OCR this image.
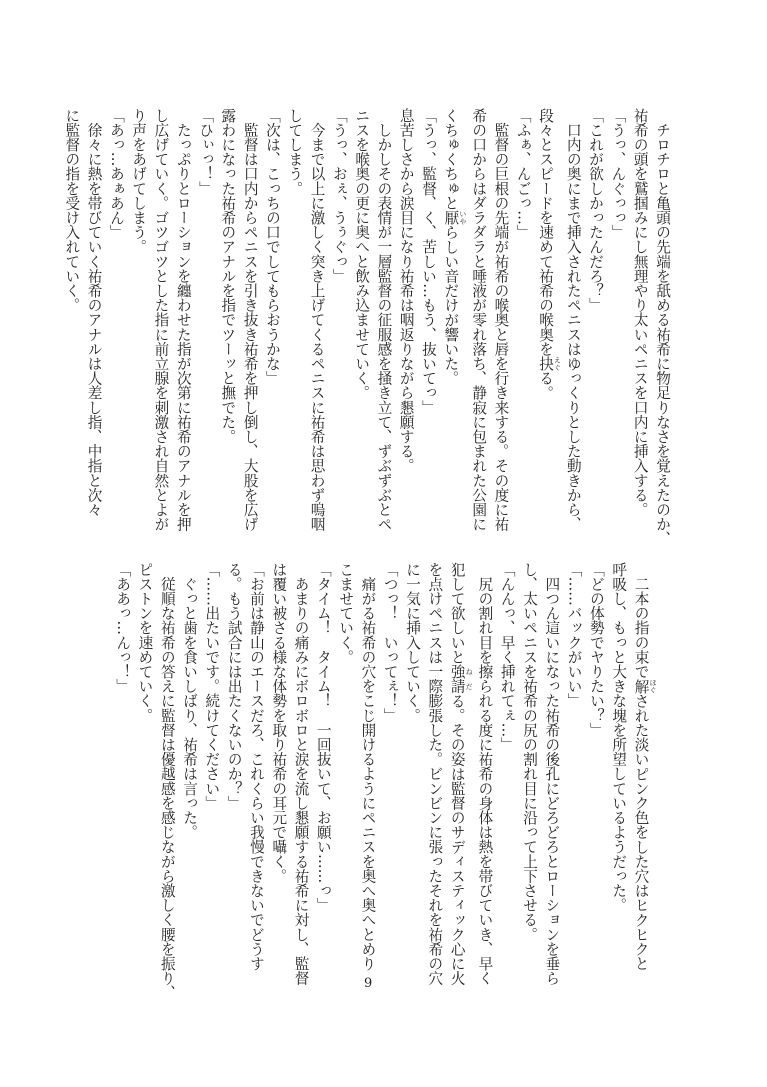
　チロチロと亀頭の先端を舐める祐希に物足りなさを覚えたのか、
祐希の頭を鷲掴みにし無理やり太いペニスを口内に挿入する。
「うっ、んぐっっ」
「これが欲しかったんだろ？」
　口内の奥にまで挿入されたペニスはゆっくりとした動きから、
段々とスピードを速めて祐希の喉奥を抉 えぐる。
「ふぁ、んごっ…」
　監督の巨根の先端が祐希の喉奥と唇を行き来する。その度に祐
希の口からはダラダラと唾液が零れ落ち、静寂に包まれた公園に
くちゅくちゅと厭 いやらしい音だけが響いた。
「うっ、監督、く、苦しい…もう、抜いてっ」
息苦しさから涙目になり祐希は咽返りながら懇願する。
　しかしその表情が一層監督の征服感を掻き立て、ずぶずぶとペ
ニスを喉奥の更に奥へと飲み込ませていく。
「うっ、おぇ、うぅぐっ」
　今まで以上に激しく突き上げてくるペニスに祐希は思わず嗚咽
してしまう。
「次は、こっちの口でしてもらおうかな」
　監督は口内からペニスを引き抜き祐希を押し倒し、大股を広げ
露わになった祐希のアナルを指でツーッと撫でた。
「ひぃっ！」
　たっぷりとローションを纏わせた指が次第に祐希のアナルを押
し広げていく。ゴツゴツとした指に前立腺を刺激され自然とよが
り声をあげてしまう。
「あっ…あぁあん」
　徐々に熱を帯びていく祐希のアナルは人差し指、中指と次々
に監督の指を受け入れていく。
　二本の指の束で解 ほぐされた淡いピンク色をした穴はヒクヒクと
呼吸し、もっと大きな塊を所望しているようだった。
「どの体勢でヤりたい？」
「……バックがいい」
　四つん這いになった祐希の後孔にどろどろとローションを垂ら
し、太いペニスを祐希の尻の割れ目に沿って上下させる。
「んんっ、早く挿れてぇ…」
　尻の割れ目を擦られる度に祐希の身体は熱を帯びていき、早く
犯して欲しいと強請 ねだる。その姿は監督のサディスティック心に火
を点けペニスは一際膨張した。ビンビンに張ったそれを祐希の穴
に一気に挿入していく。
「つっ！　いってぇ！」
　痛がる祐希の穴をこじ開けるようにペニスを奥へ奥へとめり
こませていく。
「タイム！　タイム！　一回抜いて、お願い……っ」
　あまりの痛みにボロボロと涙を流し懇願する祐希に対し、監督
は覆い被さる様な体勢を取り祐希の耳元で囁く。
「お前は静山のエースだろ、これくらい我慢できないでどうす
る。もう試合には出たくないのか？」
「……出たいです。続けてください」
　ぐっと歯を食いしばり、祐希は言った。
　従順な祐希の答えに監督は優越感を感じながら激しく腰を振り、
ピストンを速めていく。
「ああっ…んっ！」
9
